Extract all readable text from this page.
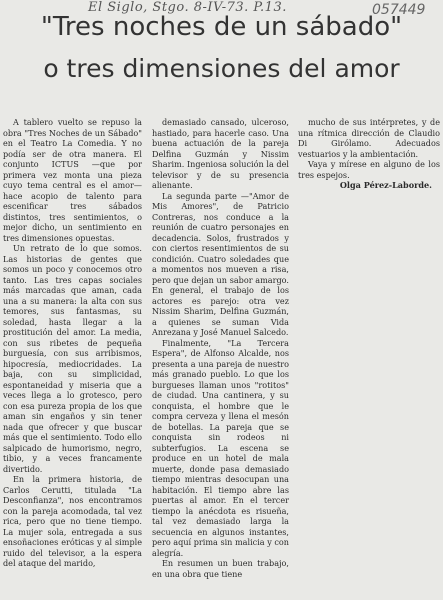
El Siglo, Stgo. 8-IV-73. P.13.	057449
"Tres noches de un sábado"
o tres dimensiones del amor

A tablero vuelto se repuso la obra "Tres Noches de un Sábado" en el Teatro La Comedia. Y no podía ser de otra manera. El conjunto ICTUS —que por primera vez monta una pieza cuyo tema central es el amor— hace acopio de talento para escenificar tres sábados distintos, tres sentimientos, o mejor dicho, un sentimiento en tres dimensiones opuestas.

Un retrato de lo que somos. Las historias de gentes que somos un poco y conocemos otro tanto. Las tres capas sociales más marcadas que aman, cada una a su manera: la alta con sus temores, sus fantasmas, su soledad, hasta llegar a la prostitución del amor. La media, con sus ribetes de pequeña burguesía, con sus arribismos, hipocresía, mediocridades. La baja, con su simplicidad, espontaneidad y miseria que a veces llega a lo grotesco, pero con esa pureza propia de los que aman sin engaños y sin tener nada que ofrecer y que buscar más que el sentimiento. Todo ello salpicado de humorismo, negro, tibio, y a veces francamente divertido.

En la primera historia, de Carlos Cerutti, titulada "La Desconfianza", nos encontramos con la pareja acomodada, tal vez rica, pero que no tiene tiempo. La mujer sola, entregada a sus ensoñaciones eróticas y al simple ruido del televisor, a la espera del ataque del marido,

demasiado cansado, ulceroso, hastiado, para hacerle caso. Una buena actuación de la pareja Delfina Guzmán y Nissim Sharim. Ingeniosa solución la del televisor y de su presencia alienante.

La segunda parte —"Amor de Mis Amores", de Patricio Contreras, nos conduce a la reunión de cuatro personajes en decadencia. Solos, frustrados y con ciertos resentimientos de su condición. Cuatro soledades que a momentos nos mueven a risa, pero que dejan un sabor amargo. En general, el trabajo de los actores es parejo: otra vez Nissim Sharim, Delfina Guzmán, a quienes se suman Vida Anrezana y José Manuel Salcedo.

Finalmente, "La Tercera Espera", de Alfonso Alcalde, nos presenta a una pareja de nuestro más granado pueblo. Lo que los burgueses llaman unos "rotitos" de ciudad. Una cantinera, y su conquista, el hombre que le compra cerveza y llena el mesón de botellas. La pareja que se conquista sin rodeos ni subterfugios. La escena se produce en un hotel de mala muerte, donde pasa demasiado tiempo mientras desocupan una habitación. El tiempo abre las puertas al amor. En el tercer tiempo la anécdota es risueña, tal vez demasiado larga la secuencia en algunos instantes, pero aquí prima sin malicia y con alegría.

En resumen un buen trabajo, en una obra que tiene

mucho de sus intérpretes, y de una rítmica dirección de Claudio Di Girólamo. Adecuados vestuarios y la ambientación.

Vaya y mírese en alguno de los tres espejos.

Olga Pérez-Laborde.
